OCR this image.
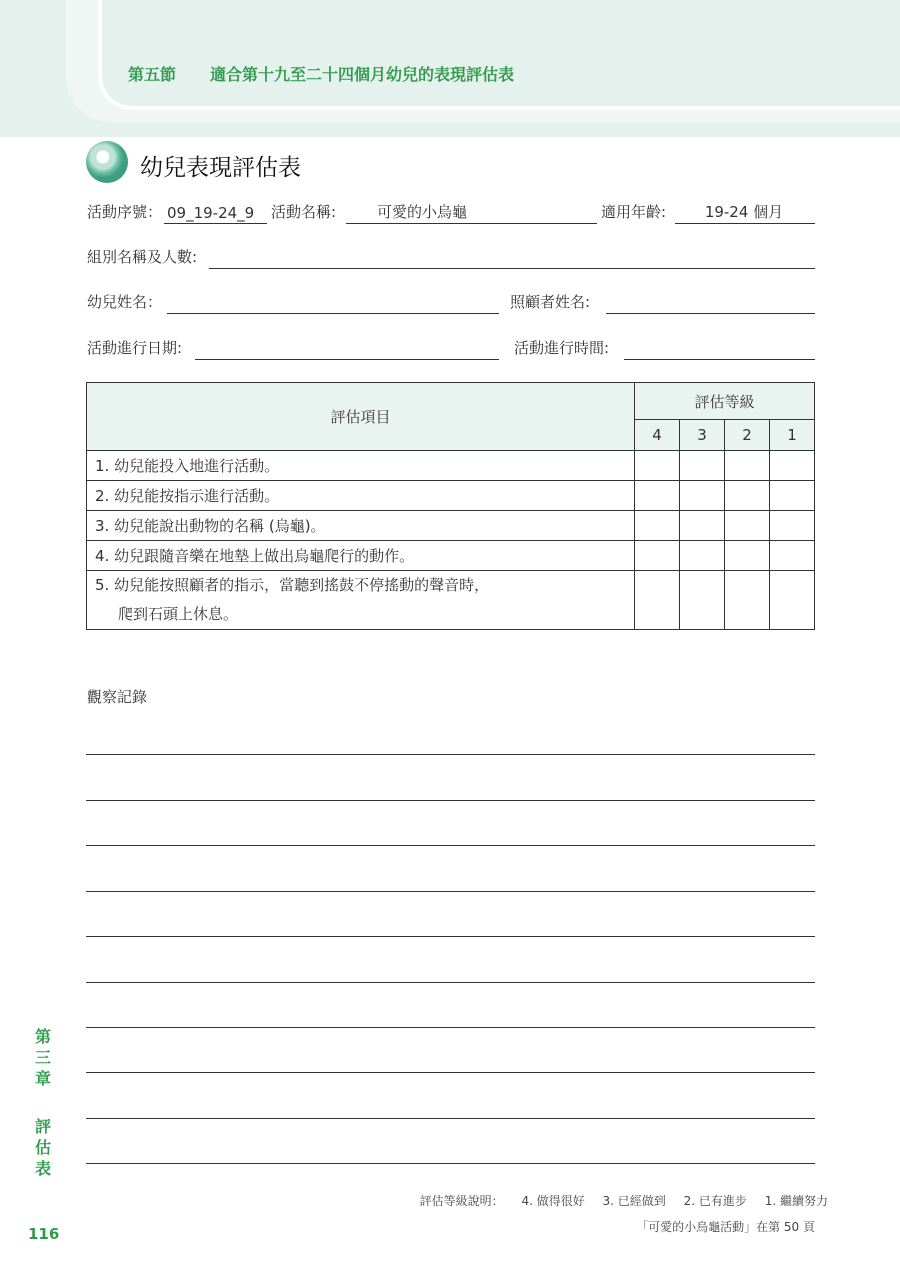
第五節 適合第十九至二十四個月幼兒的表現評估表
幼兒表現評估表
活動序號： 09_19-24_9 活動名稱:	可愛的小烏龜	適用年齡:	19-24 個月
組別名稱及人數:
幼兒姓名：	照顧者姓名:
活動進行日期:	活動進行時間:
評估項目	評估等級			
	4	3	2	1
1. 幼兒能投入地進行活動。				
2. 幼兒能按指示進行活動。				
3. 幼兒能說出動物的名稱 (烏龜)。				
4. 幼兒跟隨音樂在地墊上做出烏龜爬行的動作。				

5. 幼兒能按照顧者的指示，當聽到搖鼓不停搖動的聲音時，
爬到石頭上休息。				

觀察記錄
第三章
評估表
評估等級說明： 4. 做得很好 3. 已經做到 2. 已有進步 1. 繼續努力
「可愛的小烏龜活動」在第 50 頁
116
